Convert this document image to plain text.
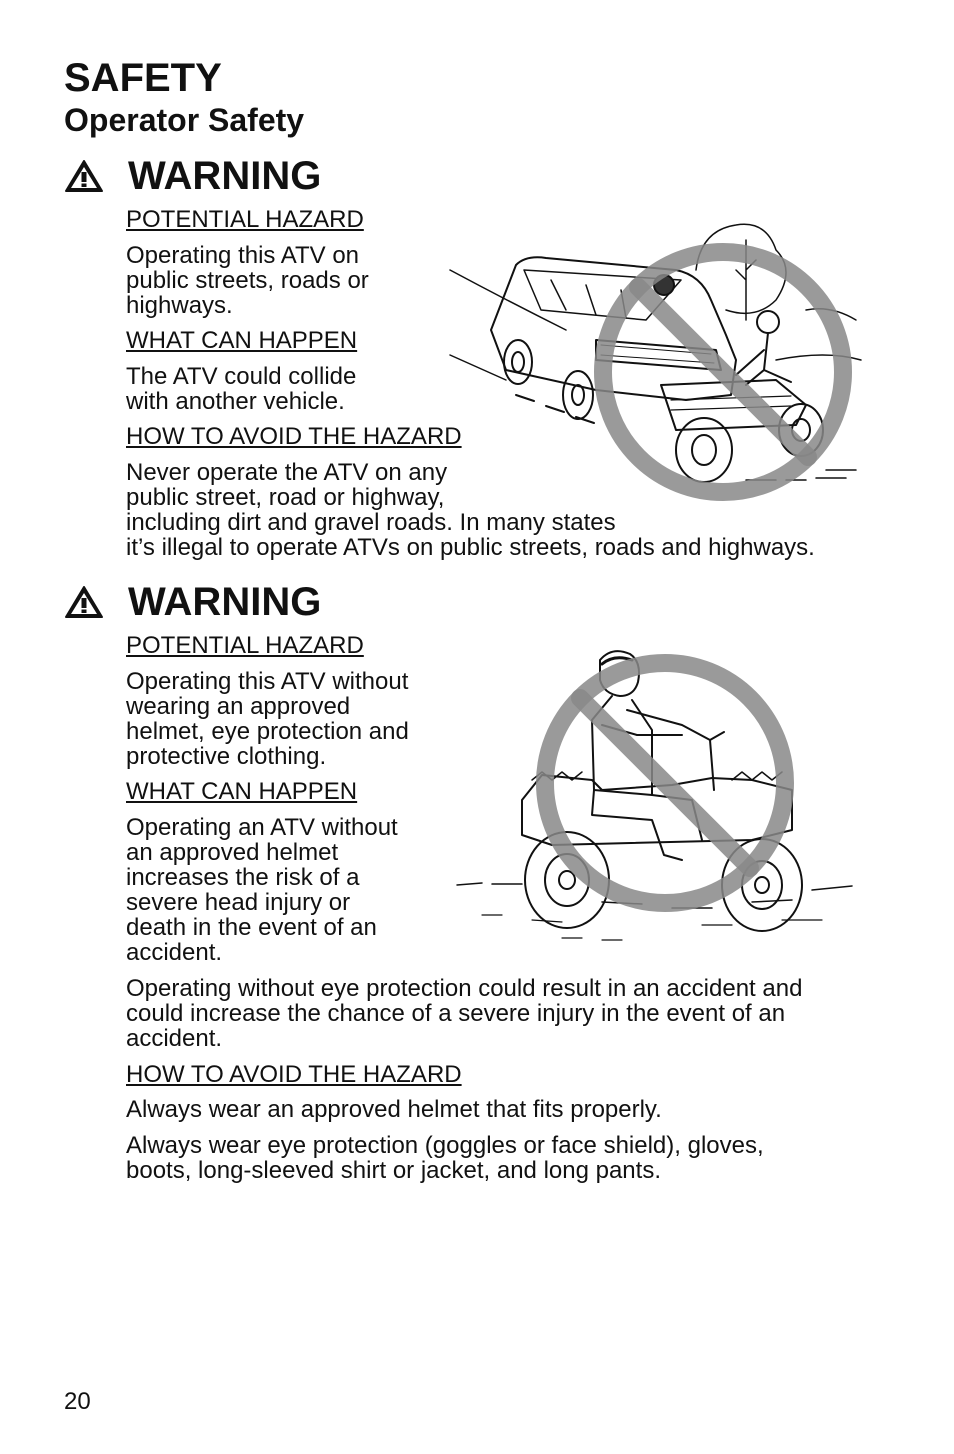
SAFETY
Operator Safety
WARNING
POTENTIAL HAZARD
Operating this ATV on
public streets, roads or
highways.
WHAT CAN HAPPEN
The ATV could collide
with another vehicle.
HOW TO AVOID THE HAZARD
Never operate the ATV on any
public street, road or highway,
including dirt and gravel roads. In many states
it’s illegal to operate ATVs on public streets, roads and highways.
WARNING
POTENTIAL HAZARD
Operating this ATV without
wearing an approved
helmet, eye protection and
protective clothing.
WHAT CAN HAPPEN
Operating an ATV without
an approved helmet
increases the risk of a
severe head injury or
death in the event of an
accident.
Operating without eye protection could result in an accident and
could increase the chance of a severe injury in the event of an
accident.
HOW TO AVOID THE HAZARD
Always wear an approved helmet that fits properly.
Always wear eye protection (goggles or face shield), gloves,
boots, long-sleeved shirt or jacket, and long pants.
20
